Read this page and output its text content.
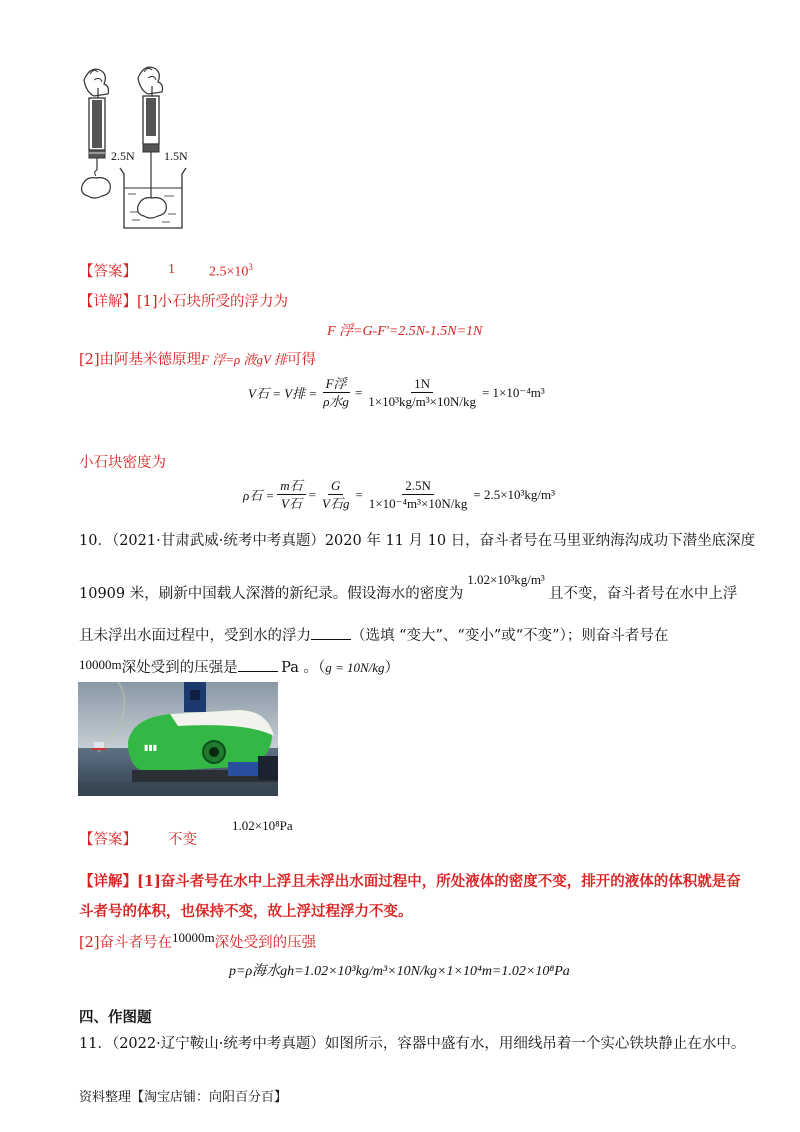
2.5N 1.5N
【答案】 1 $2.5\times 10^3$
【详解】[1]小石块所受的浮力为
F 浮=G-F'=2.5N-1.5N=1N
[2]由阿基米德原理F 浮=ρ 液gV 排可得
V石 = V排 = $\frac{\text{F浮}}{\text{ρ水g}} = \frac{1N}{\text{1×10³kg/m³×10N/kg}} = 1\times 10^{-4}m^3$
小石块密度为
ρ石 = $\frac{\text{m石}}{\text{V石}} = \frac{G}{\text{V石g}} = \frac{2.5N}{\text{1×10⁻⁴m³×10N/kg}} = 2.5\times 10^3kg/m^3$
10．（2021·甘肃武威·统考中考真题）2020 年 11 月 10 日，奋斗者号在马里亚纳海沟成功下潜坐底深度
10909 米，刷新中国载人深潜的新纪录。假设海水的密度为1.02×10³kg/m³且不变，奋斗者号在水中上浮
且未浮出水面过程中，受到水的浮力	（选填 “变大”、“变小”或“不变”）；则奋斗者号在
10000m深处受到的压强是	Pa 。（g = 10N/kg）
▮▮▮
【答案】 不变
1.02×10⁸Pa
【详解】[1]奋斗者号在水中上浮且未浮出水面过程中，所处液体的密度不变，排开的液体的体积就是奋
斗者号的体积，也保持不变，故上浮过程浮力不变。
[2]奋斗者号在10000m深处受到的压强
p=ρ海水gh=1.02×10³kg/m³×10N/kg×1×10⁴m=1.02×10⁸Pa
四、作图题
11．（2022·辽宁鞍山·统考中考真题）如图所示，容器中盛有水，用细线吊着一个实心铁块静止在水中。
资料整理【淘宝店铺：向阳百分百】
